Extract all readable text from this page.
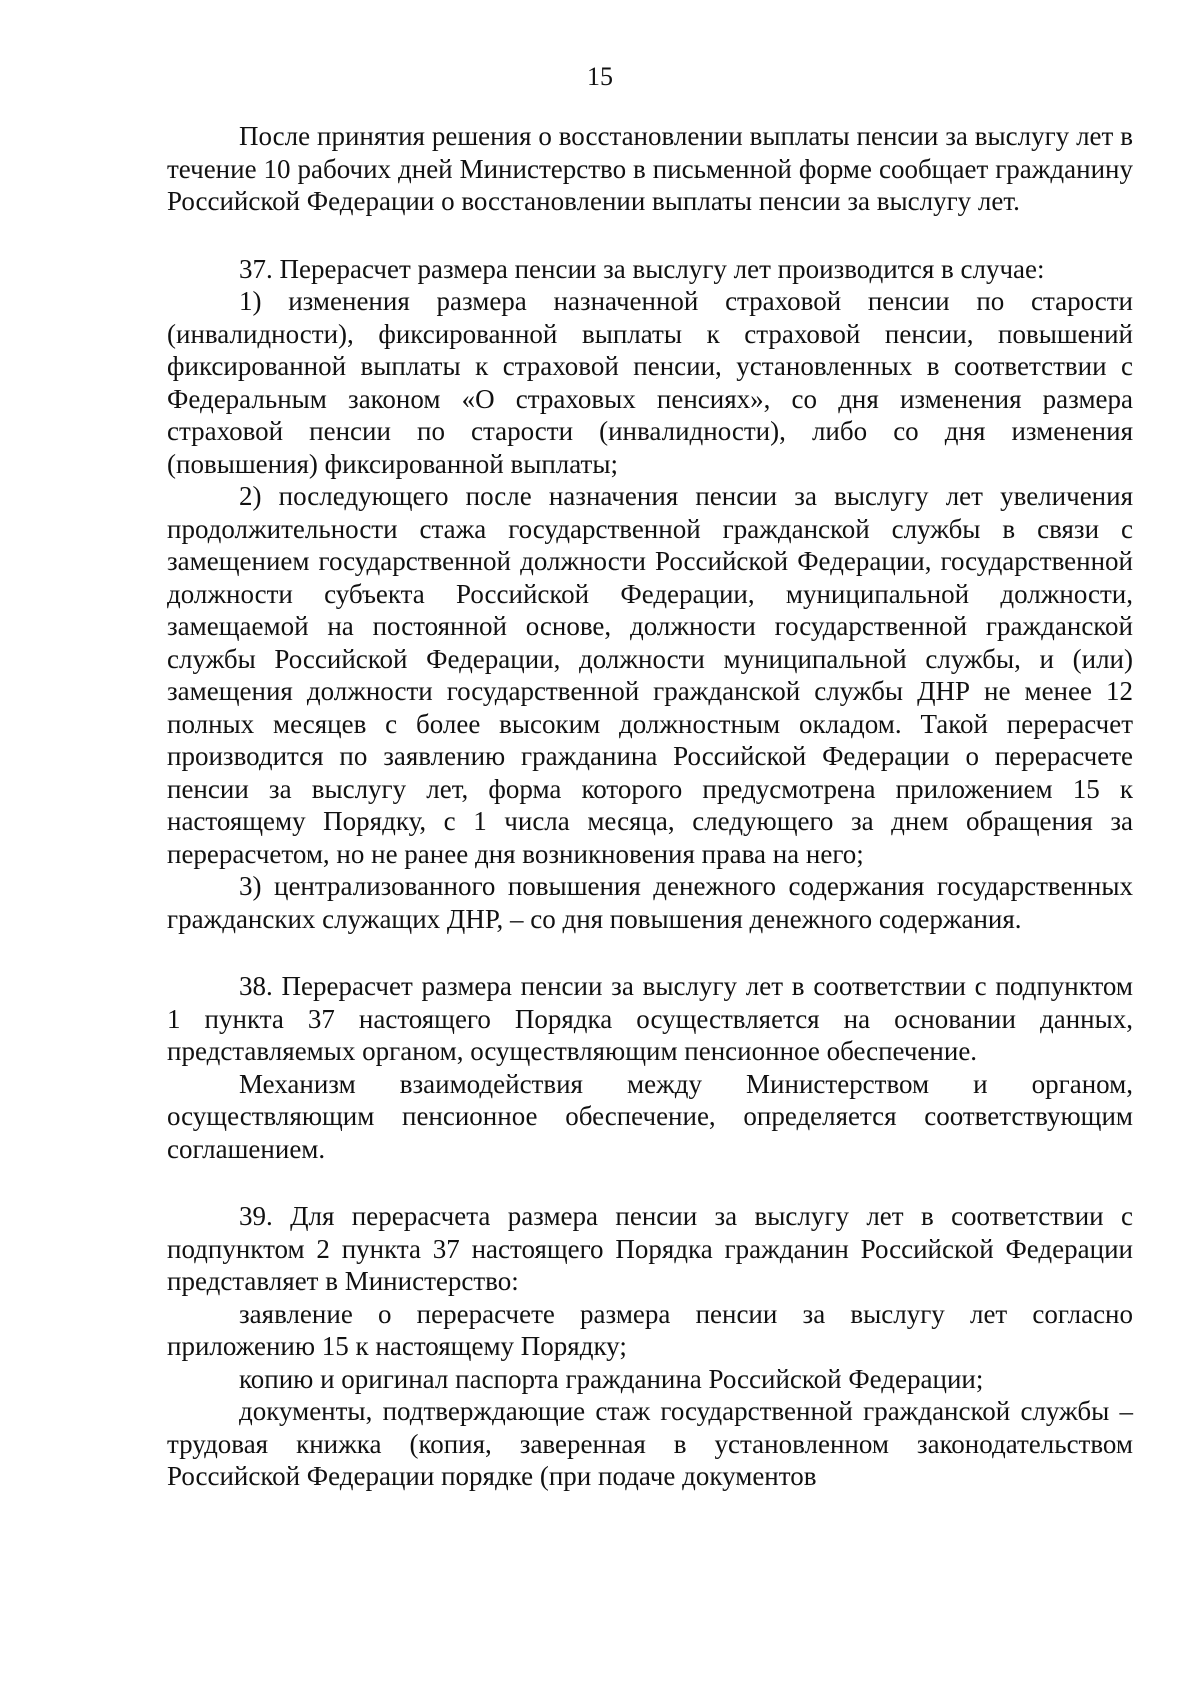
15

После принятия решения о восстановлении выплаты пенсии за выслугу лет в течение 10 рабочих дней Министерство в письменной форме сообщает гражданину Российской Федерации о восстановлении выплаты пенсии за выслугу лет.

37. Перерасчет размера пенсии за выслугу лет производится в случае:

1) изменения размера назначенной страховой пенсии по старости (инвалидности), фиксированной выплаты к страховой пенсии, повышений фиксированной выплаты к страховой пенсии, установленных в соответствии с Федеральным законом «О страховых пенсиях», со дня изменения размера страховой пенсии по старости (инвалидности), либо со дня изменения (повышения) фиксированной выплаты;

2) последующего после назначения пенсии за выслугу лет увеличения продолжительности стажа государственной гражданской службы в связи с замещением государственной должности Российской Федерации, государственной должности субъекта Российской Федерации, муниципальной должности, замещаемой на постоянной основе, должности государственной гражданской службы Российской Федерации, должности муниципальной службы, и (или) замещения должности государственной гражданской службы ДНР не менее 12 полных месяцев с более высоким должностным окладом. Такой перерасчет производится по заявлению гражданина Российской Федерации о перерасчете пенсии за выслугу лет, форма которого предусмотрена приложением 15 к настоящему Порядку, с 1 числа месяца, следующего за днем обращения за перерасчетом, но не ранее дня возникновения права на него;

3) централизованного повышения денежного содержания государственных гражданских служащих ДНР, – со дня повышения денежного содержания.

38. Перерасчет размера пенсии за выслугу лет в соответствии с подпунктом 1 пункта 37 настоящего Порядка осуществляется на основании данных, представляемых органом, осуществляющим пенсионное обеспечение.

Механизм взаимодействия между Министерством и органом, осуществляющим пенсионное обеспечение, определяется соответствующим соглашением.

39. Для перерасчета размера пенсии за выслугу лет в соответствии с подпунктом 2 пункта 37 настоящего Порядка гражданин Российской Федерации представляет в Министерство:

заявление о перерасчете размера пенсии за выслугу лет согласно приложению 15 к настоящему Порядку;

копию и оригинал паспорта гражданина Российской Федерации;

документы, подтверждающие стаж государственной гражданской службы – трудовая книжка (копия, заверенная в установленном законодательством Российской Федерации порядке (при подаче документов
